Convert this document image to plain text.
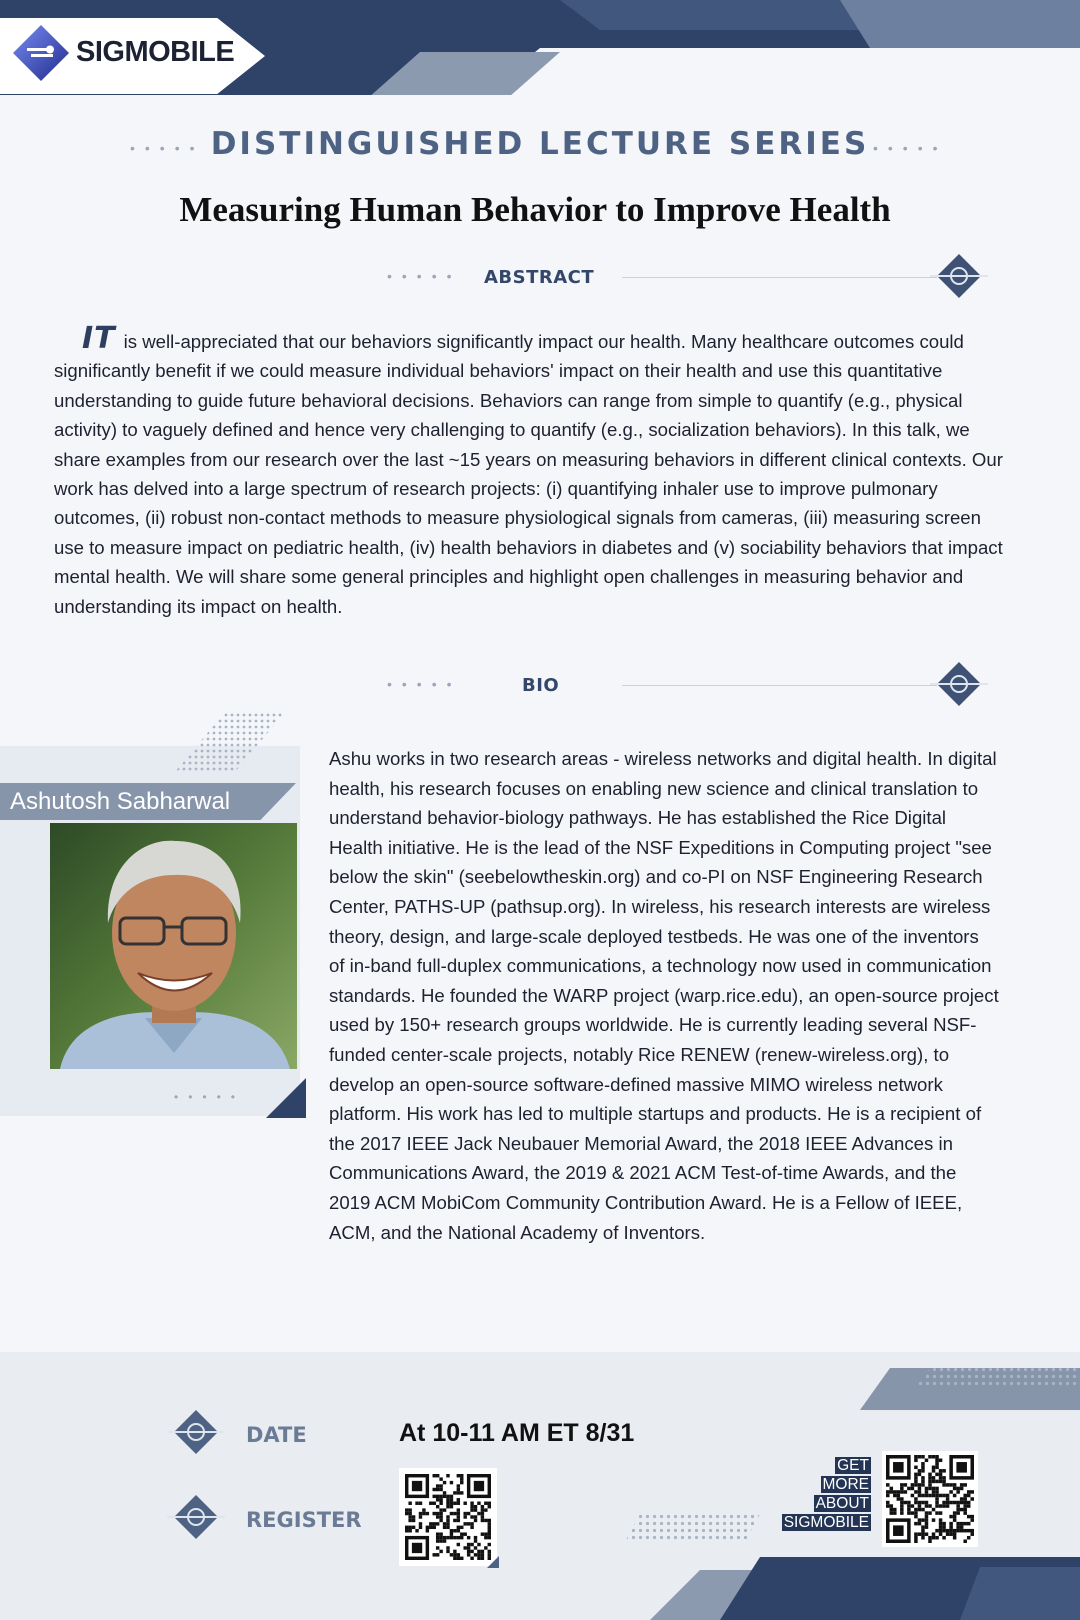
SIGMOBILE
••••• DISTINGUISHED LECTURE SERIES •••••
Measuring Human Behavior to Improve Health
••••• ABSTRACT

IT is well-appreciated that our behaviors significantly impact our health. Many healthcare outcomes could significantly benefit if we could measure individual behaviors' impact on their health and use this quantitative understanding to guide future behavioral decisions. Behaviors can range from simple to quantify (e.g., physical activity) to vaguely defined and hence very challenging to quantify (e.g., socialization behaviors). In this talk, we share examples from our research over the last ~15 years on measuring behaviors in different clinical contexts. Our work has delved into a large spectrum of research projects: (i) quantifying inhaler use to improve pulmonary outcomes, (ii) robust non-contact methods to measure physiological signals from cameras, (iii) measuring screen use to measure impact on pediatric health, (iv) health behaviors in diabetes and (v) sociability behaviors that impact mental health. We will share some general principles and highlight open challenges in measuring behavior and understanding its impact on health.

•••••	BIO
Ashutosh Sabharwal
•••••

Ashu works in two research areas - wireless networks and digital health. In digital health, his research focuses on enabling new science and clinical translation to understand behavior-biology pathways. He has established the Rice Digital Health initiative. He is the lead of the NSF Expeditions in Computing project "see below the skin" (seebelowtheskin.org) and co-PI on NSF Engineering Research Center, PATHS-UP (pathsup.org). In wireless, his research interests are wireless theory, design, and large-scale deployed testbeds. He was one of the inventors of in-band full-duplex communications, a technology now used in communication standards. He founded the WARP project (warp.rice.edu), an open-source project used by 150+ research groups worldwide. He is currently leading several NSF-funded center-scale projects, notably Rice RENEW (renew-wireless.org), to develop an open-source software-defined massive MIMO wireless network platform. His work has led to multiple startups and products. He is a recipient of the 2017 IEEE Jack Neubauer Memorial Award, the 2018 IEEE Advances in Communications Award, the 2019 & 2021 ACM Test-of-time Awards, and the 2019 ACM MobiCom Community Contribution Award. He is a Fellow of IEEE, ACM, and the National Academy of Inventors.

DATE	At 10-11 AM ET 8/31
REGISTER
GET
MORE
ABOUT
SIGMOBILE
